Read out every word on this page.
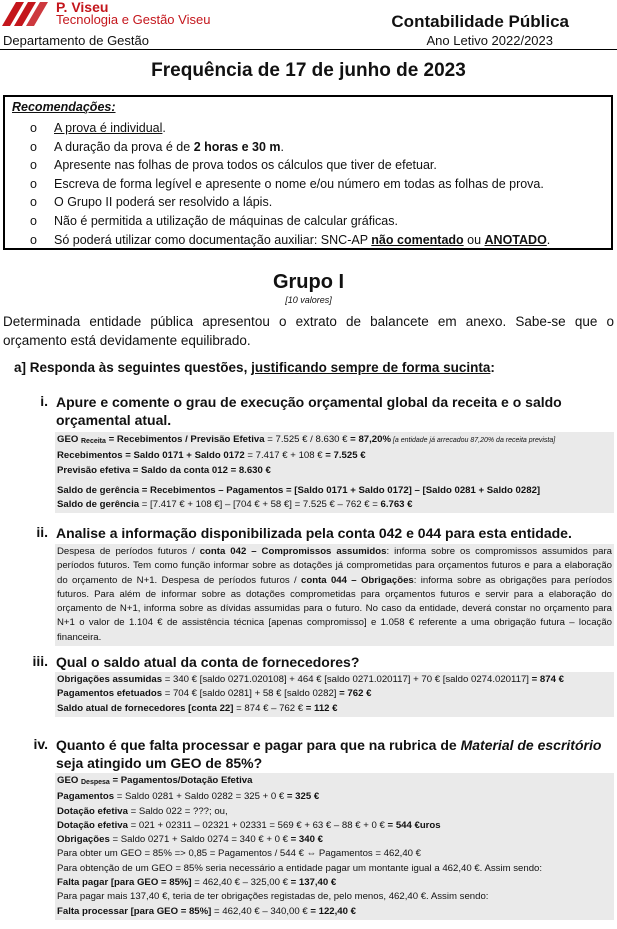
P. Viseu
Tecnologia e Gestão Viseu	Contabilidade Pública
Departamento de Gestão	Ano Letivo 2022/2023
Frequência de 17 de junho de 2023
Recomendações:
o A prova é individual.
o A duração da prova é de 2 horas e 30 m.
o Apresente nas folhas de prova todos os cálculos que tiver de efetuar.
o Escreva de forma legível e apresente o nome e/ou número em todas as folhas de prova.
o O Grupo II poderá ser resolvido a lápis.
o Não é permitida a utilização de máquinas de calcular gráficas.
o Só poderá utilizar como documentação auxiliar: SNC-AP não comentado ou ANOTADO.
Grupo I
[10 valores]
Determinada entidade pública apresentou o extrato de balancete em anexo. Sabe-se que o orçamento está devidamente equilibrado.
a] Responda às seguintes questões, justificando sempre de forma sucinta:
i. Apure e comente o grau de execução orçamental global da receita e o saldo orçamental atual.

GEO $_{Receita}$ = Recebimentos / Previsão Efetiva = 7.525 € / 8.630 € = 87,20% [a entidade já arrecadou 87,20% da receita prevista]

Recebimentos = Saldo 0171 + Saldo 0172 = 7.417 € + 108 € = 7.525 €

Previsão efetiva = Saldo da conta 012 = 8.630 €

Saldo de gerência = Recebimentos – Pagamentos = [Saldo 0171 + Saldo 0172] – [Saldo 0281 + Saldo 0282]

Saldo de gerência = [7.417 € + 108 €] – [704 € + 58 €] = 7.525 € – 762 € = 6.763 €

ii. Analise a informação disponibilizada pela conta 042 e 044 para esta entidade.

Despesa de períodos futuros / conta 042 – Compromissos assumidos: informa sobre os compromissos assumidos para períodos futuros. Tem como função informar sobre as dotações já comprometidas para orçamentos futuros e para a elaboração do orçamento de N+1. Despesa de períodos futuros / conta 044 – Obrigações: informa sobre as obrigações para períodos futuros. Para além de informar sobre as dotações comprometidas para orçamentos futuros e servir para a elaboração do orçamento de N+1, informa sobre as dívidas assumidas para o futuro. No caso da entidade, deverá constar no orçamento para N+1 o valor de 1.104 € de assistência técnica [apenas compromisso] e 1.058 € referente a uma obrigação futura – locação financeira.

iii. Qual o saldo atual da conta de fornecedores?

Obrigações assumidas = 340 € [saldo 0271.020108] + 464 € [saldo 0271.020117] + 70 € [saldo 0274.020117] = 874 €

Pagamentos efetuados = 704 € [saldo 0281] + 58 € [saldo 0282] = 762 €

Saldo atual de fornecedores [conta 22] = 874 € – 762 € = 112 €

iv. Quanto é que falta processar e pagar para que na rubrica de Material de escritório seja atingido um GEO de 85%?

GEO $_{Despesa}$ = Pagamentos/Dotação Efetiva

Pagamentos = Saldo 0281 + Saldo 0282 = 325 + 0 € = 325 €

Dotação efetiva = Saldo 022 = ???; ou,

Dotação efetiva = 021 + 02311 – 02321 + 02331 = 569 € + 63 € – 88 € + 0 € = 544 €uros

Obrigações = Saldo 0271 + Saldo 0274 = 340 € + 0 € = 340 €

Para obter um GEO = 85% => 0,85 = Pagamentos / 544 € ⇔ Pagamentos = 462,40 €

Para obtenção de um GEO = 85% seria necessário a entidade pagar um montante igual a 462,40 €. Assim sendo:

Falta pagar [para GEO = 85%] = 462,40 € – 325,00 € = 137,40 €

Para pagar mais 137,40 €, teria de ter obrigações registadas de, pelo menos, 462,40 €. Assim sendo:

Falta processar [para GEO = 85%] = 462,40 € – 340,00 € = 122,40 €
